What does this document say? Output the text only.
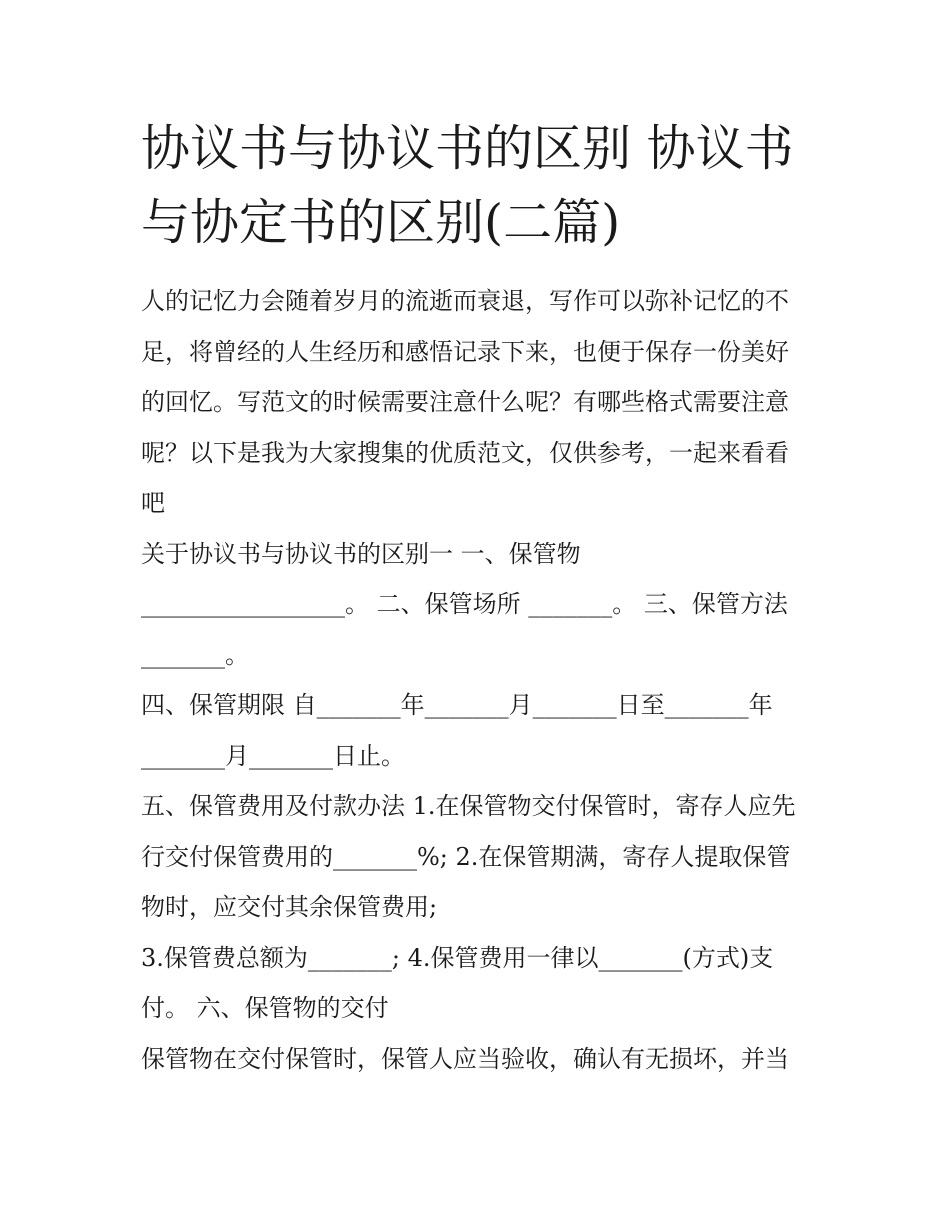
协议书与协议书的区别 协议书
与协定书的区别(二篇)
人的记忆力会随着岁月的流逝而衰退，写作可以弥补记忆的不
足，将曾经的人生经历和感悟记录下来，也便于保存一份美好
的回忆。写范文的时候需要注意什么呢？有哪些格式需要注意
呢？以下是我为大家搜集的优质范文，仅供参考，一起来看看
吧
关于协议书与协议书的区别一 一、保管物
_________________。 二、保管场所 _______。 三、保管方法
_______。
四、保管期限 自_______年_______月_______日至_______年
_______月_______日止。
五、保管费用及付款办法 1.在保管物交付保管时，寄存人应先
行交付保管费用的_______%; 2.在保管期满，寄存人提取保管
物时，应交付其余保管费用;
3.保管费总额为_______; 4.保管费用一律以_______(方式)支
付。 六、保管物的交付
保管物在交付保管时，保管人应当验收，确认有无损坏，并当
